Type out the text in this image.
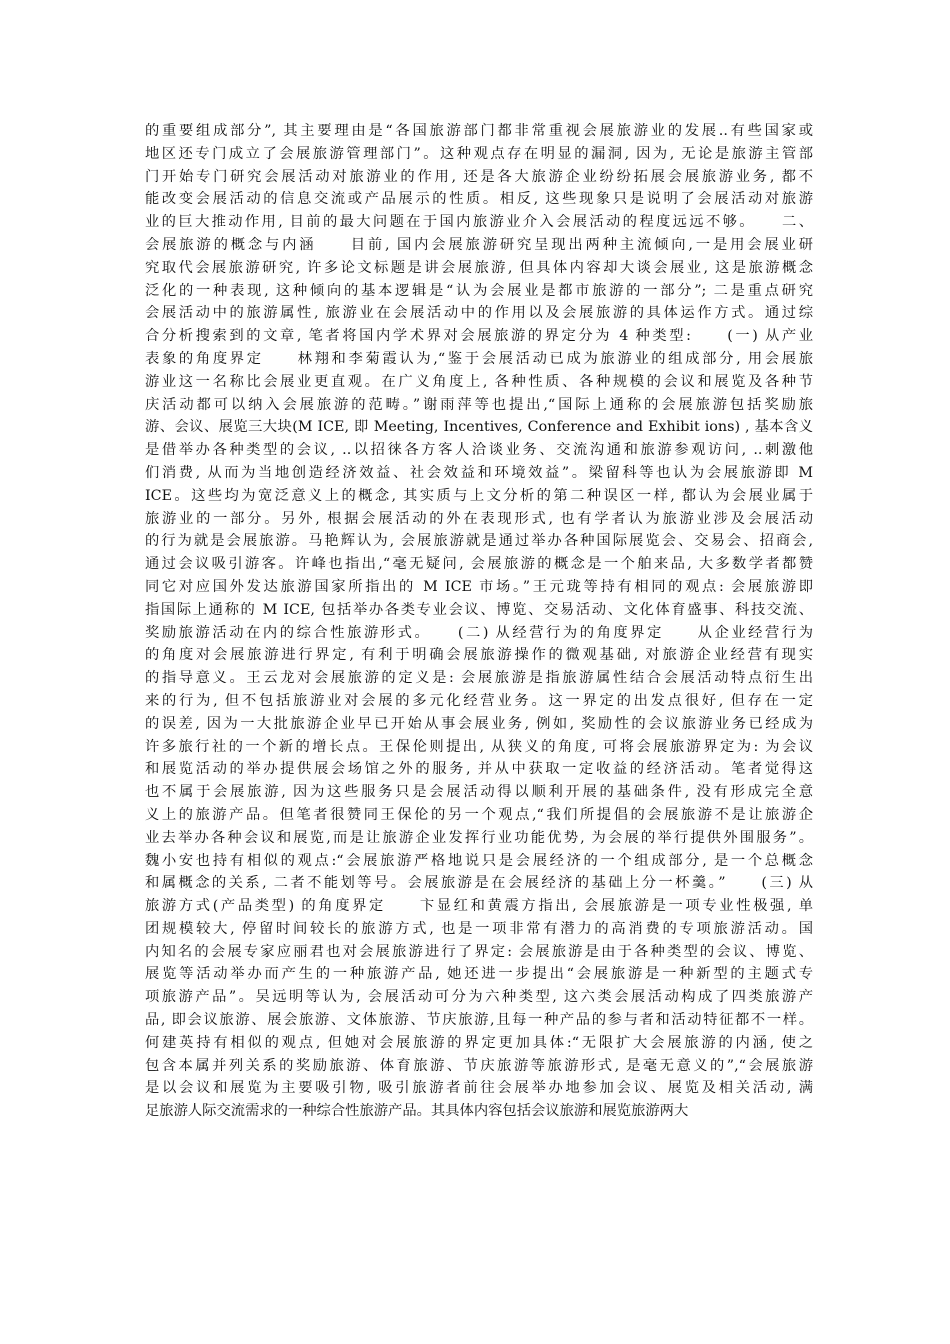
的重要组成部分”, 其主要理由是“各国旅游部门都非常重视会展旅游业的发展..有些国家或
地区还专门成立了会展旅游管理部门”。这种观点存在明显的漏洞, 因为, 无论是旅游主管部
门开始专门研究会展活动对旅游业的作用, 还是各大旅游企业纷纷拓展会展旅游业务, 都不
能改变会展活动的信息交流或产品展示的性质。相反, 这些现象只是说明了会展活动对旅游
业的巨大推动作用, 目前的最大问题在于国内旅游业介入会展活动的程度远远不够。　　二、
会展旅游的概念与内涵　　目前, 国内会展旅游研究呈现出两种主流倾向,一是用会展业研
究取代会展旅游研究, 许多论文标题是讲会展旅游, 但具体内容却大谈会展业, 这是旅游概念
泛化的一种表现, 这种倾向的基本逻辑是“认为会展业是都市旅游的一部分”; 二是重点研究
会展活动中的旅游属性, 旅游业在会展活动中的作用以及会展旅游的具体运作方式。通过综
合分析搜索到的文章, 笔者将国内学术界对会展旅游的界定分为 4 种类型:　　(一) 从产业
表象的角度界定　　林翔和李菊霞认为,“鉴于会展活动已成为旅游业的组成部分, 用会展旅
游业这一名称比会展业更直观。在广义角度上, 各种性质、各种规模的会议和展览及各种节
庆活动都可以纳入会展旅游的范畴。”谢雨萍等也提出,“国际上通称的会展旅游包括奖励旅
游、会议、展览三大块(M ICE, 即 Meeting, Incentives, Conference and Exhibit ions) , 基本含义
是借举办各种类型的会议, ..以招徕各方客人洽谈业务、交流沟通和旅游参观访问, ..刺激他
们消费, 从而为当地创造经济效益、社会效益和环境效益”。梁留科等也认为会展旅游即 M
ICE。这些均为宽泛意义上的概念, 其实质与上文分析的第二种误区一样, 都认为会展业属于
旅游业的一部分。另外, 根据会展活动的外在表现形式, 也有学者认为旅游业涉及会展活动
的行为就是会展旅游。马艳辉认为, 会展旅游就是通过举办各种国际展览会、交易会、招商会,
通过会议吸引游客。许峰也指出,“毫无疑问, 会展旅游的概念是一个舶来品, 大多数学者都赞
同它对应国外发达旅游国家所指出的 M ICE 市场。”王元珑等持有相同的观点: 会展旅游即
指国际上通称的 M ICE, 包括举办各类专业会议、博览、交易活动、文化体育盛事、科技交流、
奖励旅游活动在内的综合性旅游形式。　　(二) 从经营行为的角度界定　　从企业经营行为
的角度对会展旅游进行界定, 有利于明确会展旅游操作的微观基础, 对旅游企业经营有现实
的指导意义。王云龙对会展旅游的定义是: 会展旅游是指旅游属性结合会展活动特点衍生出
来的行为, 但不包括旅游业对会展的多元化经营业务。这一界定的出发点很好, 但存在一定
的误差, 因为一大批旅游企业早已开始从事会展业务, 例如, 奖励性的会议旅游业务已经成为
许多旅行社的一个新的增长点。王保伦则提出, 从狭义的角度, 可将会展旅游界定为: 为会议
和展览活动的举办提供展会场馆之外的服务, 并从中获取一定收益的经济活动。笔者觉得这
也不属于会展旅游, 因为这些服务只是会展活动得以顺利开展的基础条件, 没有形成完全意
义上的旅游产品。但笔者很赞同王保伦的另一个观点,“我们所提倡的会展旅游不是让旅游企
业去举办各种会议和展览,而是让旅游企业发挥行业功能优势, 为会展的举行提供外围服务”。
魏小安也持有相似的观点:“会展旅游严格地说只是会展经济的一个组成部分, 是一个总概念
和属概念的关系, 二者不能划等号。会展旅游是在会展经济的基础上分一杯羹。”　　(三) 从
旅游方式(产品类型) 的角度界定　　卞显红和黄震方指出, 会展旅游是一项专业性极强, 单
团规模较大, 停留时间较长的旅游方式, 也是一项非常有潜力的高消费的专项旅游活动。国
内知名的会展专家应丽君也对会展旅游进行了界定: 会展旅游是由于各种类型的会议、博览、
展览等活动举办而产生的一种旅游产品, 她还进一步提出“会展旅游是一种新型的主题式专
项旅游产品”。吴远明等认为, 会展活动可分为六种类型, 这六类会展活动构成了四类旅游产
品, 即会议旅游、展会旅游、文体旅游、节庆旅游,且每一种产品的参与者和活动特征都不一样。
何建英持有相似的观点, 但她对会展旅游的界定更加具体:“无限扩大会展旅游的内涵, 使之
包含本属并列关系的奖励旅游、体育旅游、节庆旅游等旅游形式, 是毫无意义的”,“会展旅游
是以会议和展览为主要吸引物, 吸引旅游者前往会展举办地参加会议、展览及相关活动, 满
足旅游人际交流需求的一种综合性旅游产品。其具体内容包括会议旅游和展览旅游两大
